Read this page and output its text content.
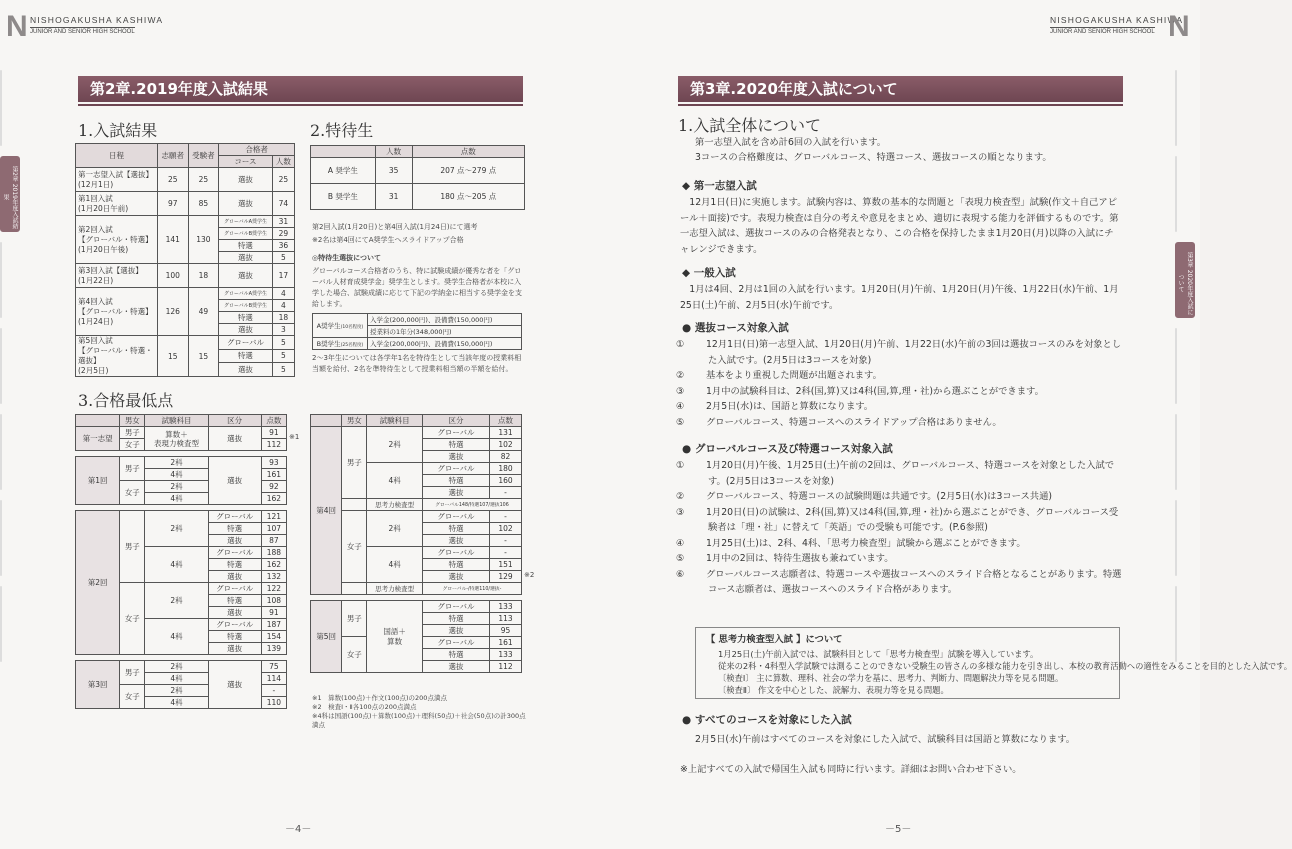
N NISHOGAKUSHA KASHIWA
JUNIOR AND SENIOR HIGH SCHOOL
第2章 2019年度入試結果
第2章.2019年度入試結果
1.入試結果	2.特待生
日程	志願者	受験者	合格者	
			コース	人数
第一志望入試【選抜】
(12月1日)	25	25	選抜	25
第1回入試
(1月20日午前)	97	85	選抜	74
第2回入試
【グローバル・特選】
(1月20日午後)	141	130	グローバルA奨学生	31
			グローバルB奨学生	29
			特選	36
			選抜	5
第3回入試【選抜】
(1月22日)	100	18	選抜	17
第4回入試
【グローバル・特選】
(1月24日)	126	49	グローバルA奨学生	4
			グローバルB奨学生	4
			特選	18
			選抜	3
第5回入試
【グローバル・特選・選抜】
(2月5日)	15	15	グローバル	5
			特選	5
			選抜	5
	人数	点数
A 奨学生	35	207 点～279 点
B 奨学生	31	180 点～205 点
第2回入試(1月20日)と第4回入試(1月24日)にて選考
※2名は第4回にてA奨学生へスライドアップ合格
◎特待生選抜について
グローバルコース合格者のうち、特に試験成績が優秀な者を「グローバル人材育成奨学金」奨学生とします。奨学生合格者が本校に入学した場合、試験成績に応じて下記の学納金に相当する奨学金を支給します。
A奨学生(10名程度)	入学金(200,000円)、設備費(150,000円)
	授業料の1年分(348,000円)
B奨学生(25名程度)	入学金(200,000円)、設備費(150,000円)
2～3年生については各学年1名を特待生として当該年度の授業料相当額を給付、2名を準特待生として授業料相当額の半額を給付。
3.合格最低点
	男女	試験科目	区分	点数
第一志望	男子	算数＋
表現力検査型	選抜	91
	女子			112

第1回	男子	2科	選抜	93
		4科		161
	女子	2科		92
		4科		162

第2回	男子	2科	グローバル	121
			特選	107
			選抜	87
		4科	グローバル	188
			特選	162
			選抜	132
	女子	2科	グローバル	122
			特選	108
			選抜	91
		4科	グローバル	187
			特選	154
			選抜	139

第3回	男子	2科	選抜	75
		4科		114
	女子	2科		-
		4科		110
	男女	試験科目	区分	点数
第4回	男子	2科	グローバル	131
			特選	102
			選抜	82
		4科	グローバル	180
			特選	160
			選抜	-
		思考力検査型	グローバル148/特選107/選抜106	
	女子	2科	グローバル	-
			特選	102
			選抜	-
		4科	グローバル	-
			特選	151
			選抜	129
		思考力検査型	グローバル-/特選110/選抜-	

第5回	男子	国語＋
算数	グローバル	133
			特選	113
			選抜	95
	女子		グローバル	161
			特選	133
			選抜	112
※1
※2
※1　算数(100点)＋作文(100点)の200点満点
※2　検査Ⅰ・Ⅱ各100点の200点満点
※4科は国語(100点)＋算数(100点)＋理科(50点)＋社会(50点)の計300点満点
－4－
NISHOGAKUSHA KASHIWA
JUNIOR AND SENIOR HIGH SCHOOL N
第3章 2020年度入試について
第3章.2020年度入試について
1.入試全体について
第一志望入試を含め計6回の入試を行います。
3コースの合格難度は、グローバルコース、特選コース、選抜コースの順となります。
◆ 第一志望入試
12月1日(日)に実施します。試験内容は、算数の基本的な問題と「表現力検査型」試験(作文＋自己アピール＋面接)です。表現力検査は自分の考えや意見をまとめ、適切に表現する能力を評価するものです。第一志望入試は、選抜コースのみの合格発表となり、この合格を保持したまま1月20日(月)以降の入試にチャレンジできます。
◆ 一般入試
1月は4回、2月は1回の入試を行います。1月20日(月)午前、1月20日(月)午後、1月22日(水)午前、1月25日(土)午前、2月5日(水)午前です。
● 選抜コース対象入試
① 12月1日(日)第一志望入試、1月20日(月)午前、1月22日(水)午前の3回は選抜コースのみを対象とした入試です。(2月5日は3コースを対象)
② 基本をより重視した問題が出題されます。
③ 1月中の試験科目は、2科(国,算)又は4科(国,算,理・社)から選ぶことができます。
④ 2月5日(水)は、国語と算数になります。
⑤ グローバルコース、特選コースへのスライドアップ合格はありません。
● グローバルコース及び特選コース対象入試
① 1月20日(月)午後、1月25日(土)午前の2回は、グローバルコース、特選コースを対象とした入試です。(2月5日は3コースを対象)
② グローバルコース、特選コースの試験問題は共通です。(2月5日(水)は3コース共通)
③ 1月20日(日)の試験は、2科(国,算)又は4科(国,算,理・社)から選ぶことができ、グローバルコース受験者は「理・社」に替えて「英語」での受験も可能です。(P.6参照)
④ 1月25日(土)は、2科、4科、「思考力検査型」試験から選ぶことができます。
⑤ 1月中の2回は、特待生選抜も兼ねています。
⑥ グローバルコース志願者は、特選コースや選抜コースへのスライド合格となることがあります。特選コース志願者は、選抜コースへのスライド合格があります。
【 思考力検査型入試 】について
1月25日(土)午前入試では、試験科目として「思考力検査型」試験を導入しています。
従来の2科・4科型入学試験では測ることのできない受験生の皆さんの多様な能力を引き出し、本校の教育活動への適性をみることを目的とした入試です。
〔検査Ⅰ〕 主に算数、理科、社会の学力を基に、思考力、判断力、問題解決力等を見る問題。
〔検査Ⅱ〕 作文を中心とした、読解力、表現力等を見る問題。
● すべてのコースを対象にした入試
2月5日(水)午前はすべてのコースを対象にした入試で、試験科目は国語と算数になります。
※上記すべての入試で帰国生入試も同時に行います。詳細はお問い合わせ下さい。
－5－
